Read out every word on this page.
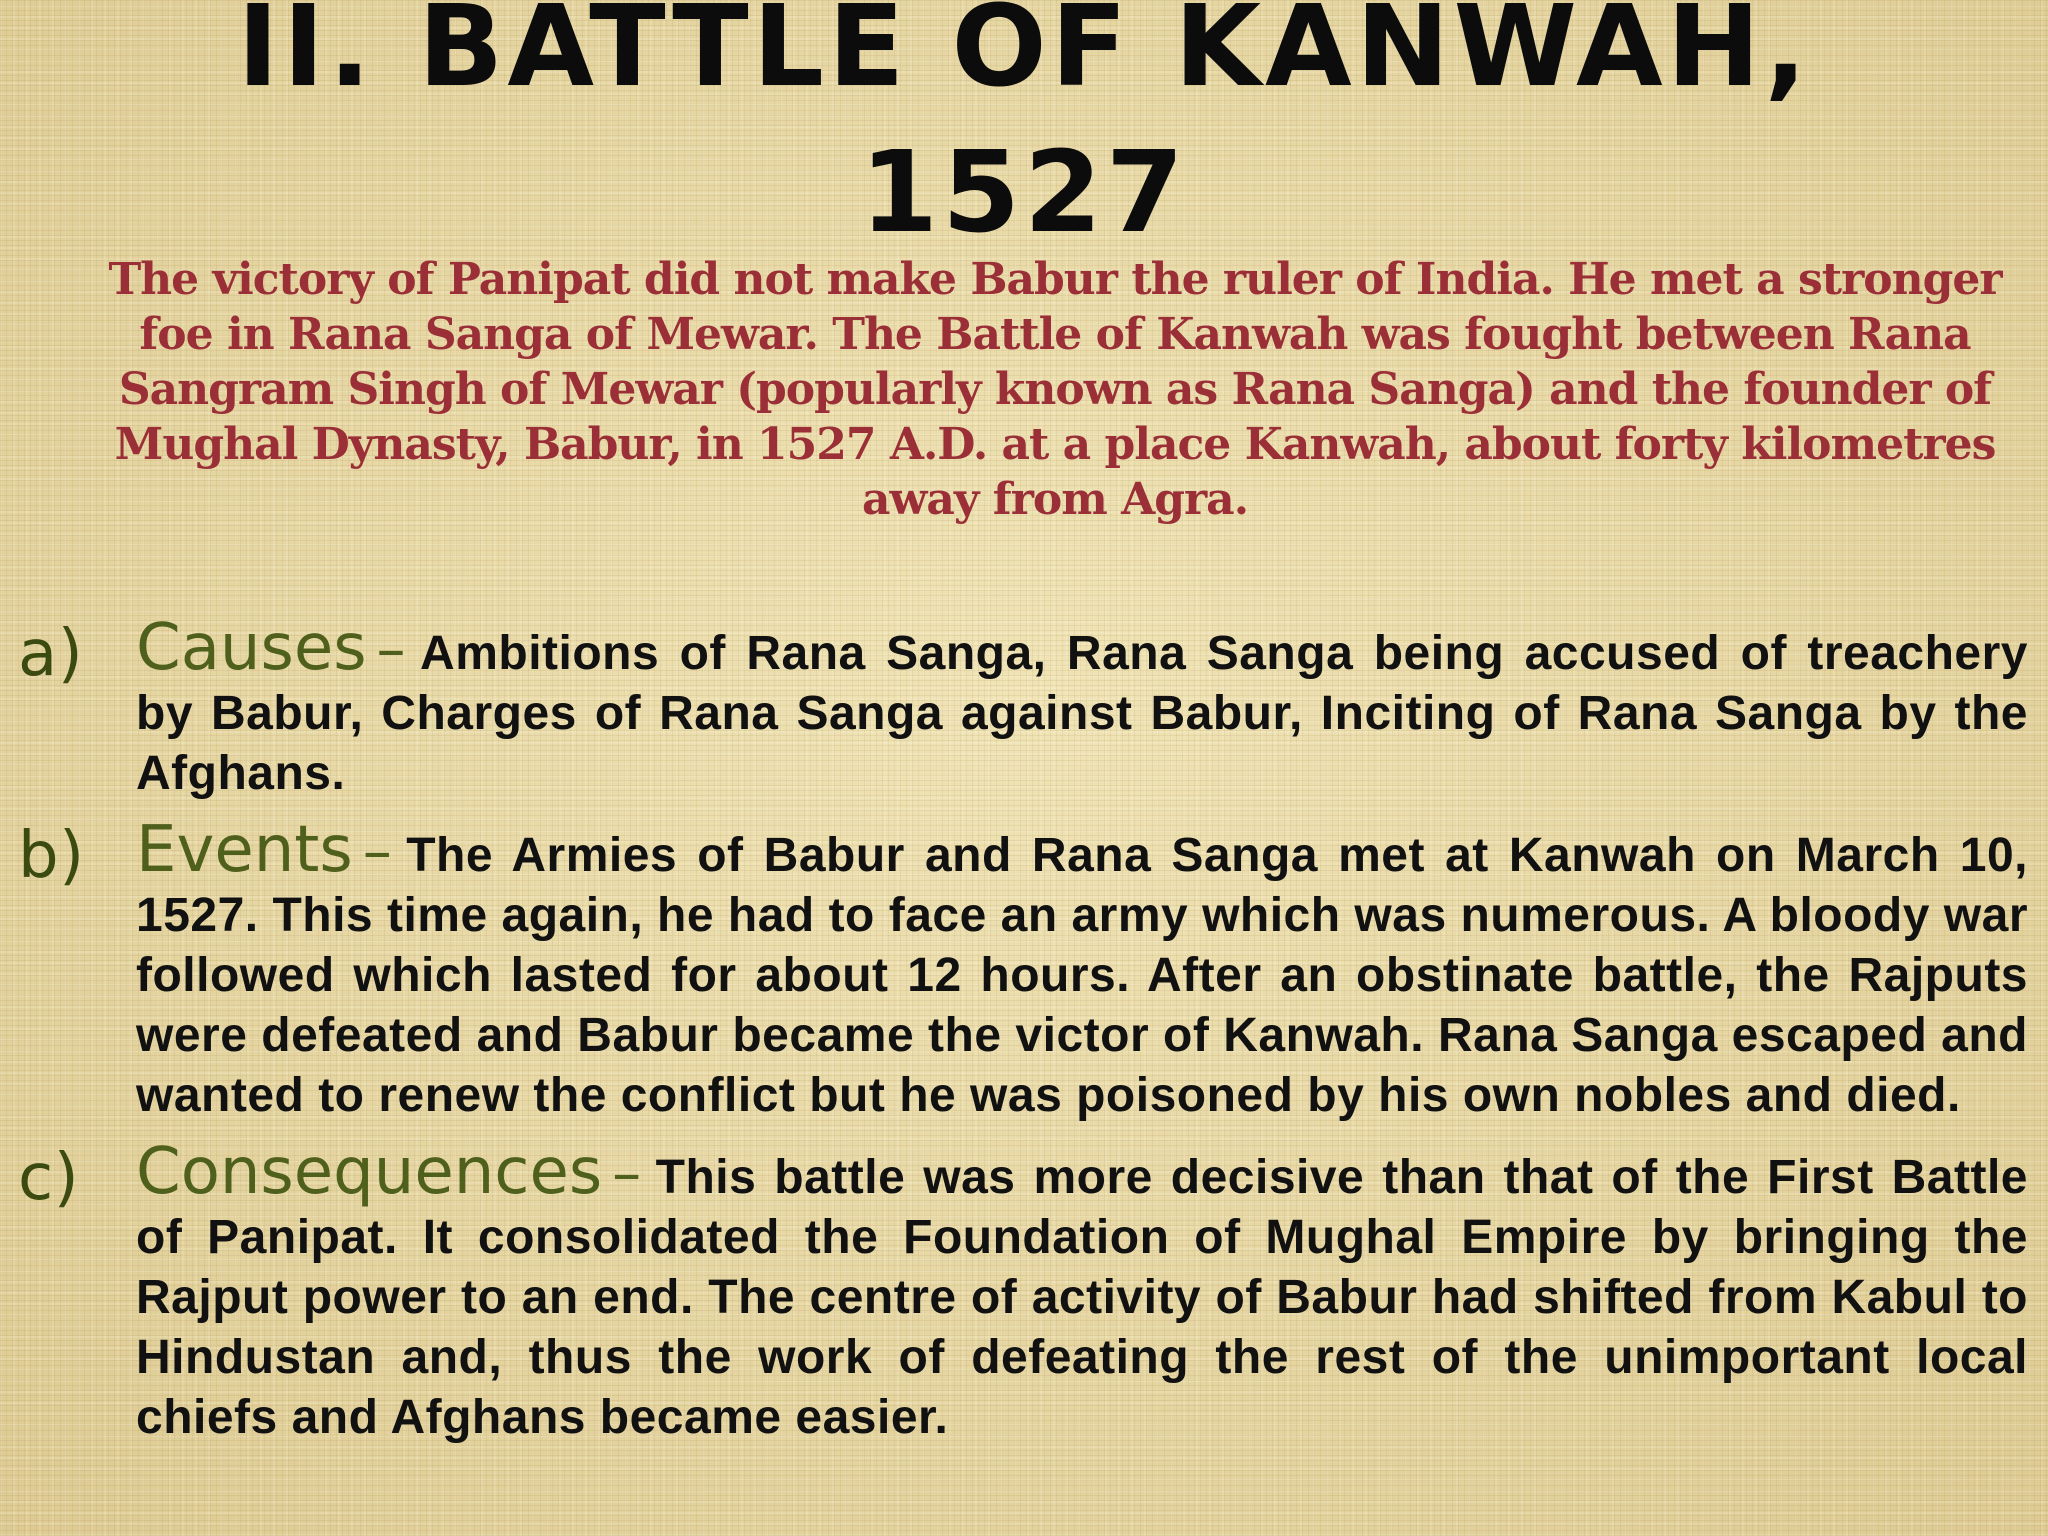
II. BATTLE OF KANWAH,
1527

The victory of Panipat did not make Babur the ruler of India. He met a stronger foe in Rana Sanga of Mewar. The Battle of Kanwah was fought between Rana Sangram Singh of Mewar (popularly known as Rana Sanga) and the founder of Mughal Dynasty, Babur, in 1527 A.D. at a place Kanwah, about forty kilometres away from Agra.

a) Causes – Ambitions of Rana Sanga, Rana Sanga being accused of treachery by Babur, Charges of Rana Sanga against Babur, Inciting of Rana Sanga by the Afghans.
b) Events – The Armies of Babur and Rana Sanga met at Kanwah on March 10, 1527. This time again, he had to face an army which was numerous. A bloody war followed which lasted for about 12 hours. After an obstinate battle, the Rajputs were defeated and Babur became the victor of Kanwah. Rana Sanga escaped and wanted to renew the conflict but he was poisoned by his own nobles and died.
c) Consequences – This battle was more decisive than that of the First Battle of Panipat. It consolidated the Foundation of Mughal Empire by bringing the Rajput power to an end. The centre of activity of Babur had shifted from Kabul to Hindustan and, thus the work of defeating the rest of the unimportant local chiefs and Afghans became easier.
